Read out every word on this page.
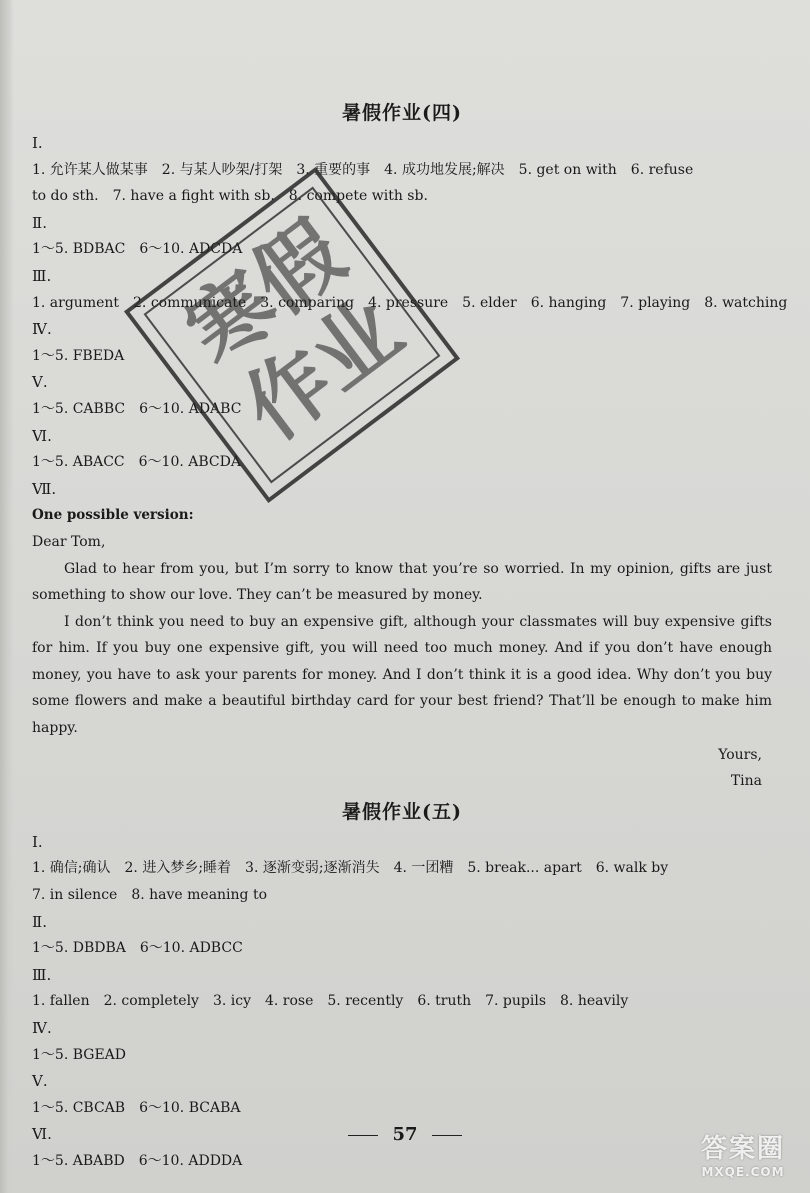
暑假作业(四)

Ⅰ.

1. 允许某人做某事　2. 与某人吵架/打架　3. 重要的事　4. 成功地发展;解决　5. get on with　6. refuse

to do sth.　7. have a fight with sb.　8. compete with sb.

Ⅱ.

1～5. BDBAC　6～10. ADCDA

Ⅲ.

1. argument　2. communicate　3. comparing　4. pressure　5. elder　6. hanging　7. playing　8. watching

Ⅳ.

1～5. FBEDA

Ⅴ.

1～5. CABBC　6～10. ADABC

Ⅵ.

1～5. ABACC　6～10. ABCDA

Ⅶ.

One possible version:

Dear Tom,

Glad to hear from you, but I’m sorry to know that you’re so worried. In my opinion, gifts are just something to show our love. They can’t be measured by money.

I don’t think you need to buy an expensive gift, although your classmates will buy expensive gifts for him. If you buy one expensive gift, you will need too much money. And if you don’t have enough money, you have to ask your parents for money. And I don’t think it is a good idea. Why don’t you buy some flowers and make a beautiful birthday card for your best friend? That’ll be enough to make him happy.

Yours,

Tina

暑假作业(五)

Ⅰ.

1. 确信;确认　2. 进入梦乡;睡着　3. 逐渐变弱;逐渐消失　4. 一团糟　5. break... apart　6. walk by

7. in silence　8. have meaning to

Ⅱ.

1～5. DBDBA　6～10. ADBCC

Ⅲ.

1. fallen　2. completely　3. icy　4. rose　5. recently　6. truth　7. pupils　8. heavily

Ⅳ.

1～5. BGEAD

Ⅴ.

1～5. CBCAB　6～10. BCABA

Ⅵ.

1～5. ABABD　6～10. ADDDA

寒
假
作
业
57	答案圈
MXQE.COM
